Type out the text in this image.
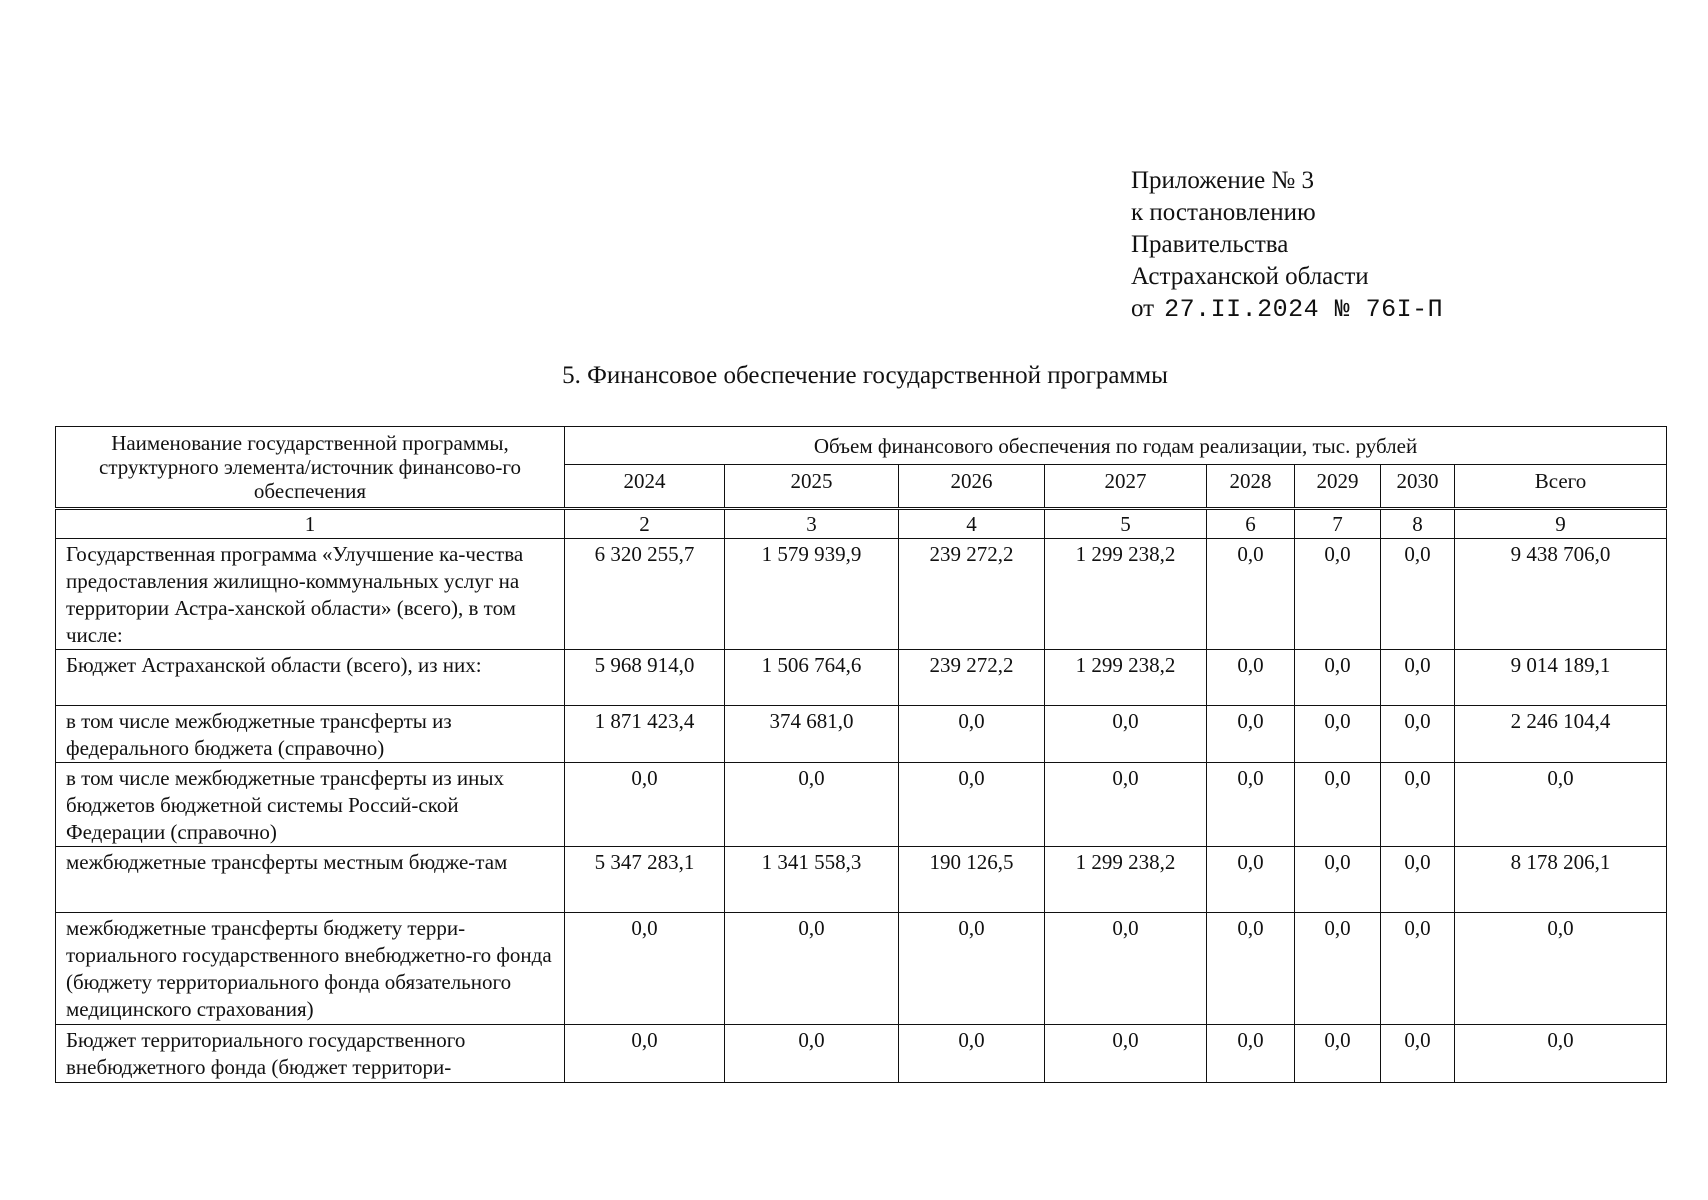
Приложение № 3
к постановлению
Правительства
Астраханской области
от 27.II.2024 № 76I-П
5. Финансовое обеспечение государственной программы
Наименование государственной программы, структурного элемента/источник финансово-го обеспечения	Объем финансового обеспечения по годам реализации, тыс. рублей							
	2024	2025	2026	2027	2028	2029	2030	Всего
1	2	3	4	5	6	7	8	9
Государственная программа «Улучшение ка-чества предоставления жилищно-коммунальных услуг на территории Астра-ханской области» (всего), в том числе:	6 320 255,7	1 579 939,9	239 272,2	1 299 238,2	0,0	0,0	0,0	9 438 706,0
Бюджет Астраханской области (всего), из них:	5 968 914,0	1 506 764,6	239 272,2	1 299 238,2	0,0	0,0	0,0	9 014 189,1
в том числе межбюджетные трансферты из федерального бюджета (справочно)	1 871 423,4	374 681,0	0,0	0,0	0,0	0,0	0,0	2 246 104,4
в том числе межбюджетные трансферты из иных бюджетов бюджетной системы Россий-ской Федерации (справочно)	0,0	0,0	0,0	0,0	0,0	0,0	0,0	0,0
межбюджетные трансферты местным бюдже-там	5 347 283,1	1 341 558,3	190 126,5	1 299 238,2	0,0	0,0	0,0	8 178 206,1
межбюджетные трансферты бюджету терри-ториального государственного внебюджетно-го фонда (бюджету территориального фонда обязательного медицинского страхования)	0,0	0,0	0,0	0,0	0,0	0,0	0,0	0,0
Бюджет территориального государственного внебюджетного фонда (бюджет территори-	0,0	0,0	0,0	0,0	0,0	0,0	0,0	0,0
